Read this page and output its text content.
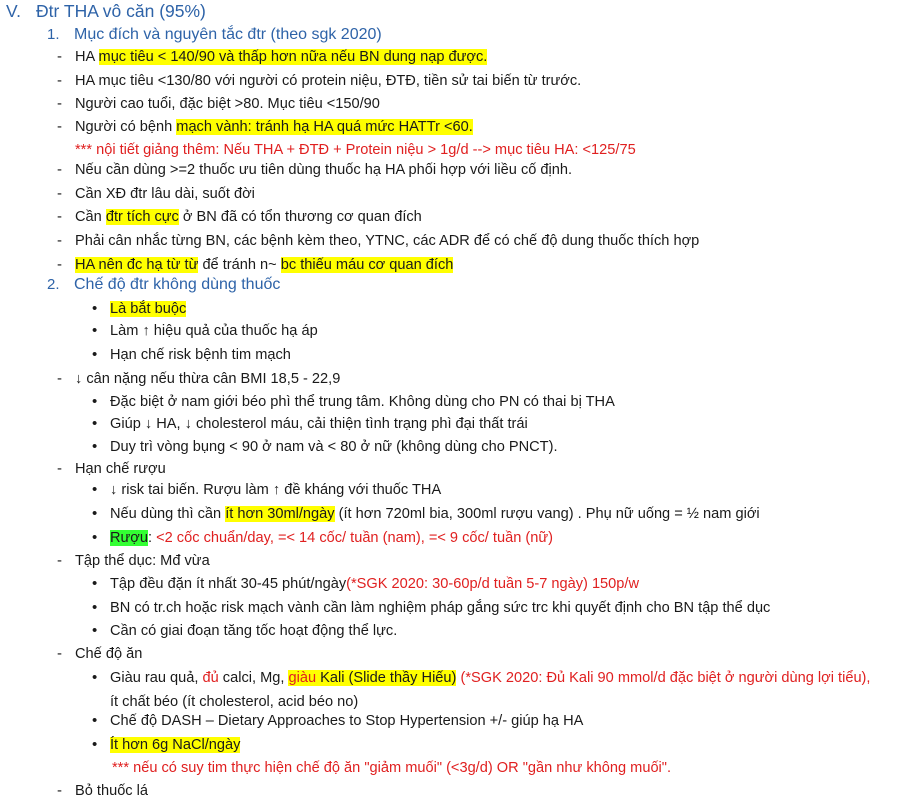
V. Đtr THA vô căn (95%)
1. Mục đích và nguyên tắc đtr (theo sgk 2020)
- HA mục tiêu < 140/90 và thấp hơn nữa nếu BN dung nạp được.
- HA mục tiêu <130/80 với người có protein niệu, ĐTĐ, tiền sử tai biến từ trước.
- Người cao tuổi, đặc biệt >80. Mục tiêu <150/90
- Người có bệnh mạch vành: tránh hạ HA quá mức HATTr <60.
*** nội tiết giảng thêm: Nếu THA + ĐTĐ + Protein niệu > 1g/d --> mục tiêu HA: <125/75
- Nếu cần dùng >=2 thuốc ưu tiên dùng thuốc hạ HA phối hợp với liều cố định.
- Cần XĐ đtr lâu dài, suốt đời
- Cần đtr tích cực ở BN đã có tổn thương cơ quan đích
- Phải cân nhắc từng BN, các bệnh kèm theo, YTNC, các ADR để có chế độ dung thuốc thích hợp
- HA nên đc hạ từ từ để tránh n~ bc thiếu máu cơ quan đích
2. Chế độ đtr không dùng thuốc
• Là bắt buộc
• Làm ↑ hiệu quả của thuốc hạ áp
• Hạn chế risk bệnh tim mạch
- ↓ cân nặng nếu thừa cân BMI 18,5 - 22,9
• Đặc biệt ở nam giới béo phì thể trung tâm. Không dùng cho PN có thai bị THA
• Giúp ↓ HA, ↓ cholesterol máu, cải thiện tình trạng phì đại thất trái
• Duy trì vòng bụng < 90 ở nam và < 80 ở nữ (không dùng cho PNCT).
- Hạn chế rượu
• ↓ risk tai biến. Rượu làm ↑ đề kháng với thuốc THA
• Nếu dùng thì cần ít hơn 30ml/ngày (ít hơn 720ml bia, 300ml rượu vang) . Phụ nữ uống = ½ nam giới
• Rượu: <2 cốc chuẩn/day, =< 14 cốc/ tuần (nam), =< 9 cốc/ tuần (nữ)
- Tập thể dục: Mđ vừa
• Tập đều đặn ít nhất 30-45 phút/ngày(*SGK 2020: 30-60p/d tuần 5-7 ngày) 150p/w
• BN có tr.ch hoặc risk mạch vành cần làm nghiệm pháp gắng sức trc khi quyết định cho BN tập thể dục
• Cần có giai đoạn tăng tốc hoạt động thể lực.
- Chế độ ăn
• Giàu rau quả, đủ calci, Mg, giàu Kali (Slide thầy Hiếu) (*SGK 2020: Đủ Kali 90 mmol/d đặc biệt ở người dùng lợi tiểu),
ít chất béo (ít cholesterol, acid béo no)
• Chế độ DASH – Dietary Approaches to Stop Hypertension +/- giúp hạ HA
• Ít hơn 6g NaCl/ngày
*** nếu có suy tim thực hiện chế độ ăn "giảm muối" (<3g/d) OR "gần như không muối".
- Bỏ thuốc lá
